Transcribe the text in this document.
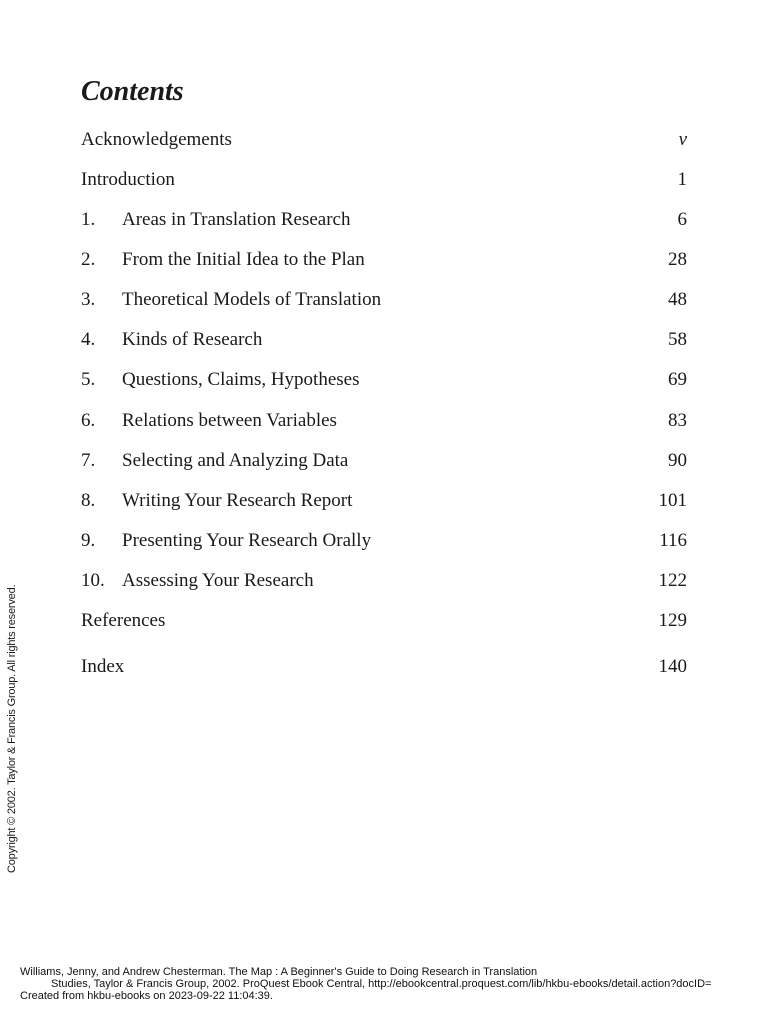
Contents
Acknowledgements	v
Introduction	1
1. Areas in Translation Research	6
2. From the Initial Idea to the Plan	28
3. Theoretical Models of Translation	48
4. Kinds of Research	58
5. Questions, Claims, Hypotheses	69
6. Relations between Variables	83
7. Selecting and Analyzing Data	90
8. Writing Your Research Report	101
9. Presenting Your Research Orally	116
10. Assessing Your Research	122
References	129
Index	140
Copyright © 2002. Taylor & Francis Group. All rights reserved.
Williams, Jenny, and Andrew Chesterman. The Map : A Beginner's Guide to Doing Research in Translation
Studies, Taylor & Francis Group, 2002. ProQuest Ebook Central, http://ebookcentral.proquest.com/lib/hkbu-ebooks/detail.action?docID=
Created from hkbu-ebooks on 2023-09-22 11:04:39.
